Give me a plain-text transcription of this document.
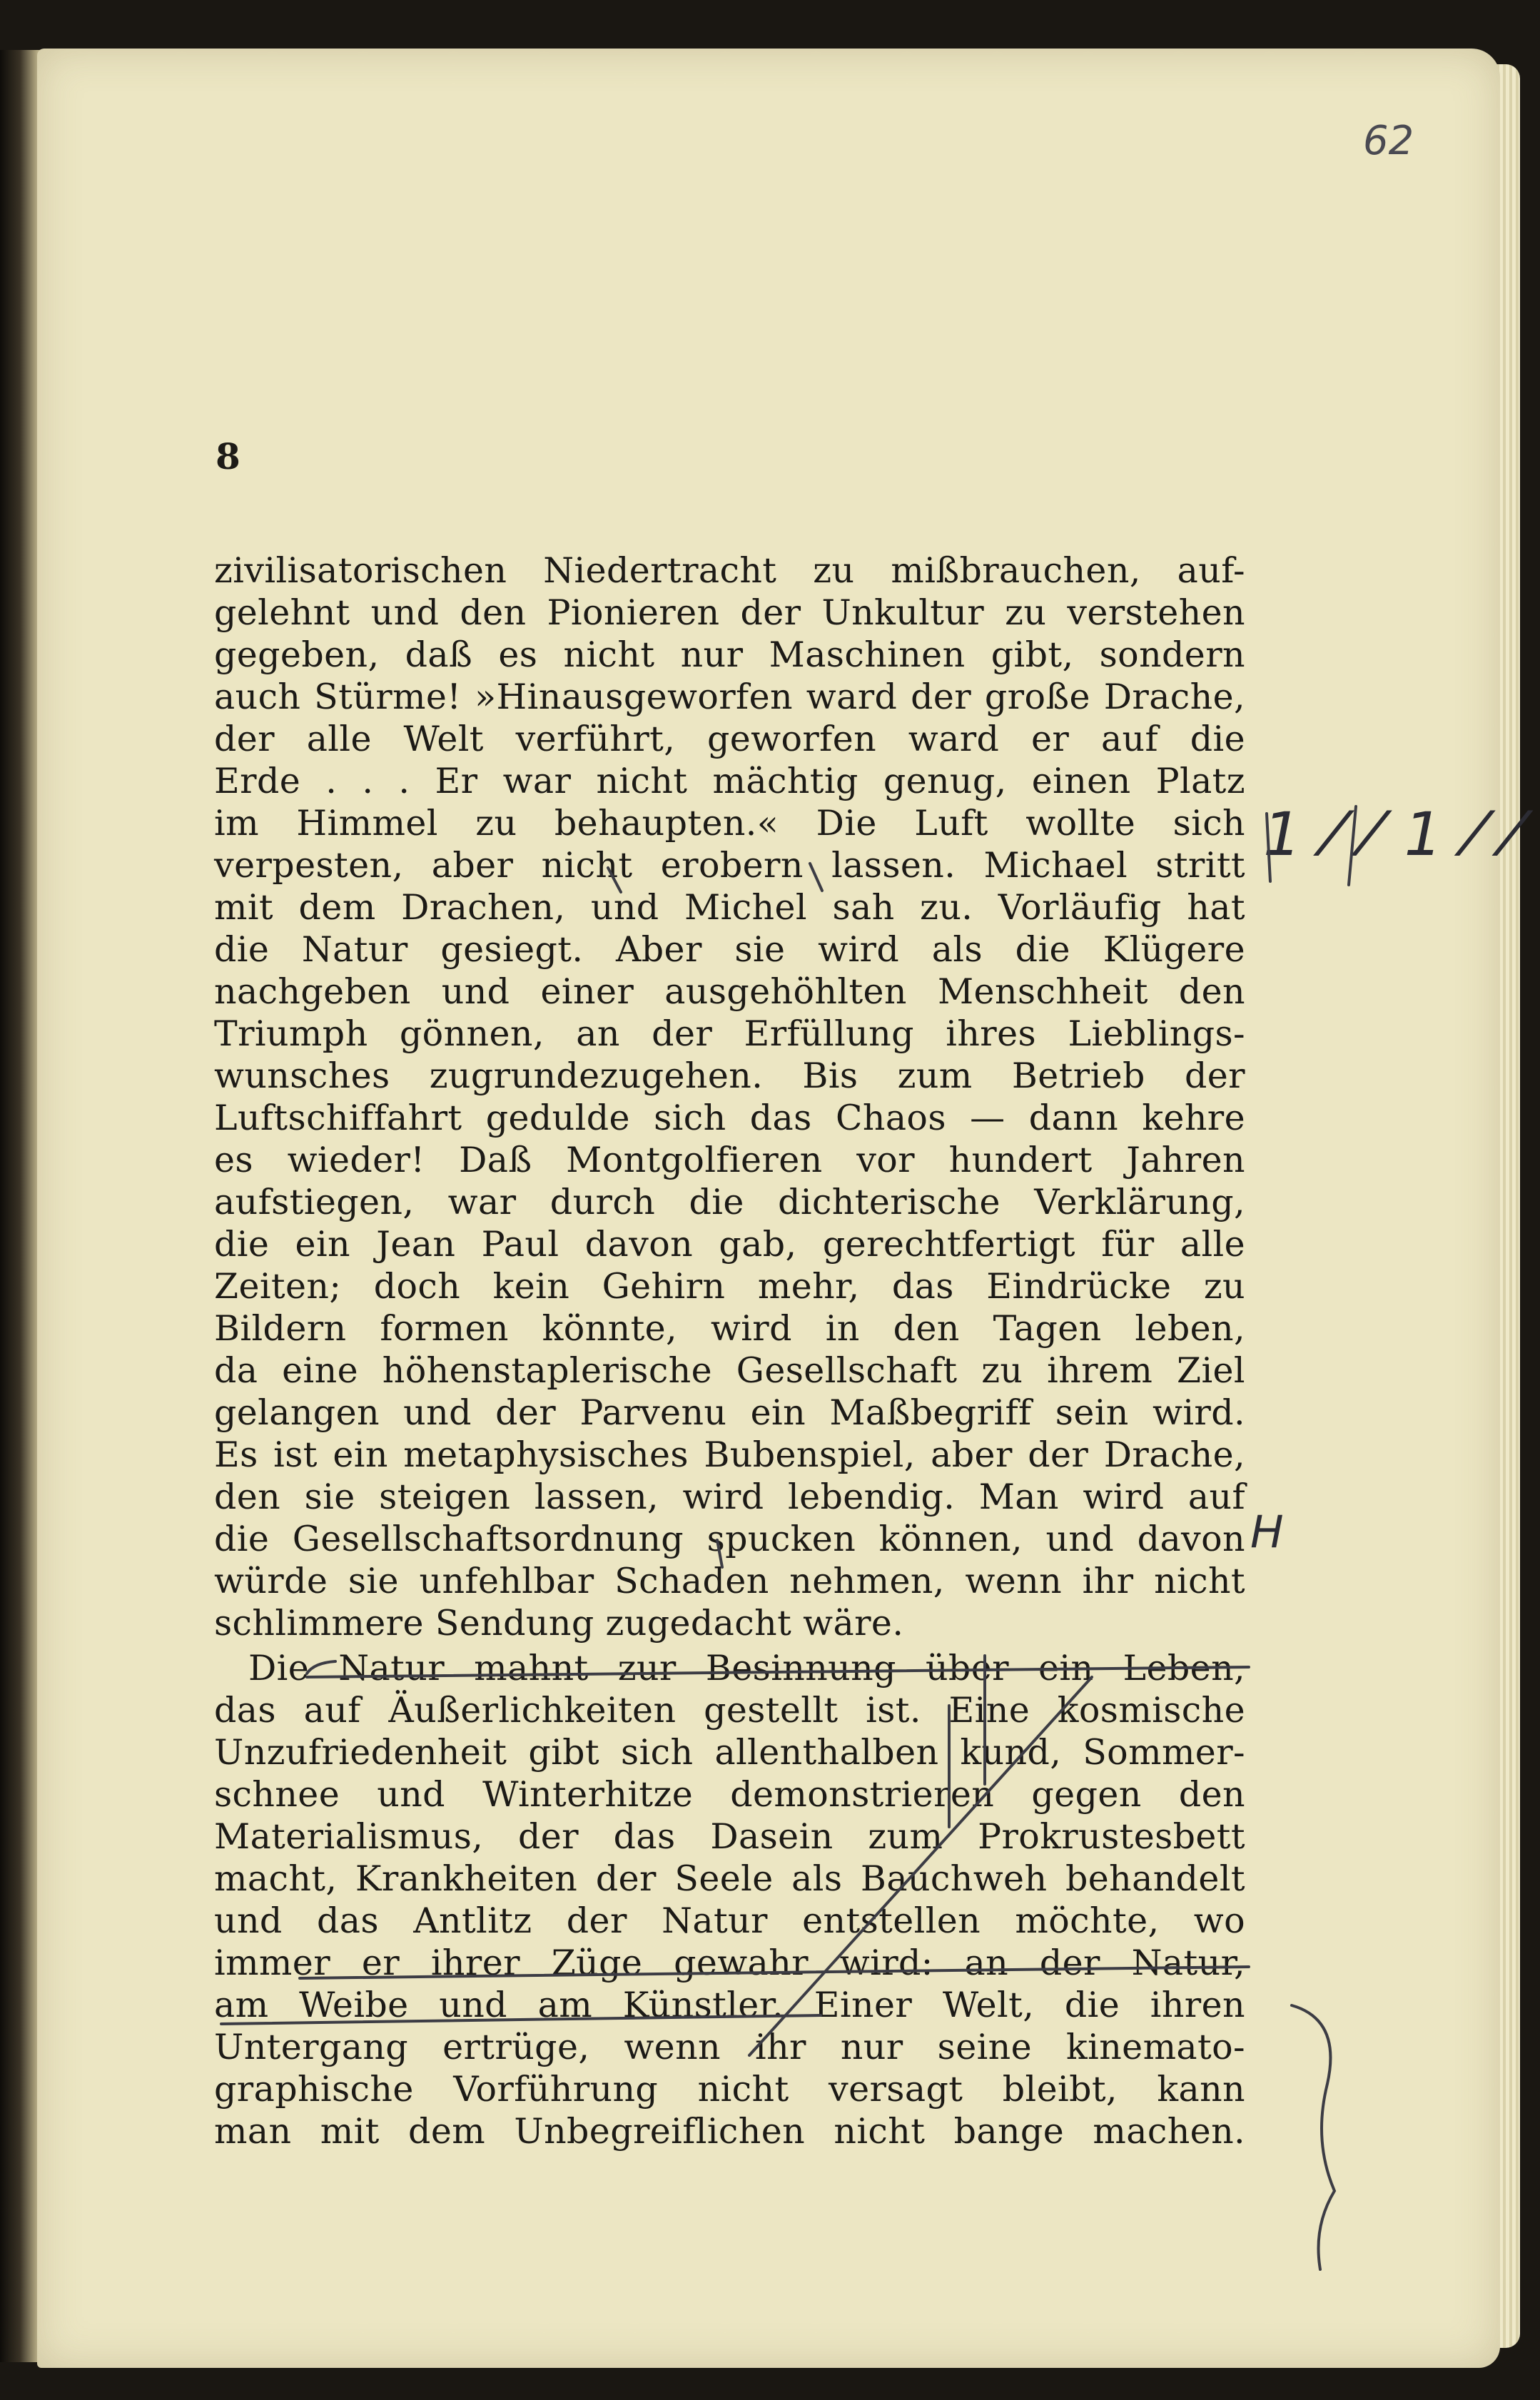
62
8
zivilisatorischen Niedertracht zu mißbrauchen, auf-
gelehnt und den Pionieren der Unkultur zu verstehen
gegeben, daß es nicht nur Maschinen gibt, sondern
auch Stürme! »Hinausgeworfen ward der große Drache,
der alle Welt verführt, geworfen ward er auf die
Erde . . . Er war nicht mächtig genug, einen Platz
im Himmel zu behaupten.« Die Luft wollte sich
verpesten, aber nicht erobern lassen. Michael stritt
mit dem Drachen, und Michel sah zu. Vorläufig hat
die Natur gesiegt. Aber sie wird als die Klügere
nachgeben und einer ausgehöhlten Menschheit den
Triumph gönnen, an der Erfüllung ihres Lieblings-
wunsches zugrundezugehen. Bis zum Betrieb der
Luftschiffahrt gedulde sich das Chaos — dann kehre
es wieder! Daß Montgolfieren vor hundert Jahren
aufstiegen, war durch die dichterische Verklärung,
die ein Jean Paul davon gab, gerechtfertigt für alle
Zeiten; doch kein Gehirn mehr, das Eindrücke zu
Bildern formen könnte, wird in den Tagen leben,
da eine höhenstaplerische Gesellschaft zu ihrem Ziel
gelangen und der Parvenu ein Maßbegriff sein wird.
Es ist ein metaphysisches Bubenspiel, aber der Drache,
den sie steigen lassen, wird lebendig. Man wird auf
die Gesellschaftsordnung spucken können, und davon
würde sie unfehlbar Schaden nehmen, wenn ihr nicht
schlimmere Sendung zugedacht wäre.
Die Natur mahnt zur Besinnung über ein Leben,
das auf Äußerlichkeiten gestellt ist. Eine kosmische
Unzufriedenheit gibt sich allenthalben kund, Sommer-
schnee und Winterhitze demonstrieren gegen den
Materialismus, der das Dasein zum Prokrustesbett
macht, Krankheiten der Seele als Bauchweh behandelt
und das Antlitz der Natur entstellen möchte, wo
immer er ihrer Züge gewahr wird: an der Natur,
am Weibe und am Künstler. Einer Welt, die ihren
Untergang ertrüge, wenn ihr nur seine kinemato-
graphische Vorführung nicht versagt bleibt, kann
man mit dem Unbegreiflichen nicht bange machen.
1 ⁄ ⁄ 1 ⁄ ⁄
H
